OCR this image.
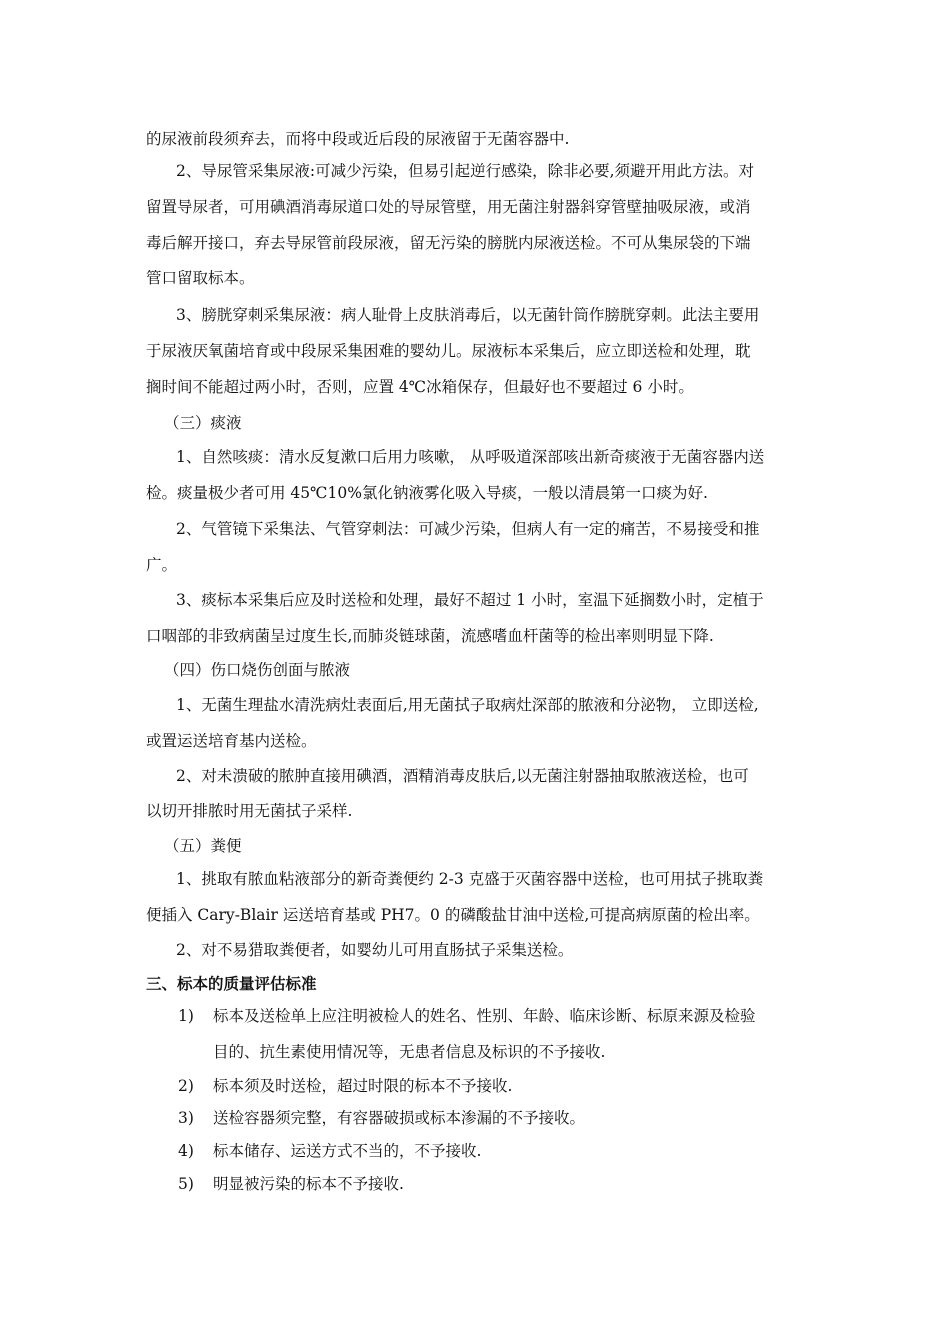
的尿液前段须弃去，而将中段或近后段的尿液留于无菌容器中.
2、导尿管采集尿液:可减少污染，但易引起逆行感染，除非必要,须避开用此方法。对
留置导尿者，可用碘酒消毒尿道口处的导尿管壁，用无菌注射器斜穿管壁抽吸尿液，或消
毒后解开接口，弃去导尿管前段尿液，留无污染的膀胱内尿液送检。不可从集尿袋的下端
管口留取标本。
3、膀胱穿刺采集尿液：病人耻骨上皮肤消毒后，以无菌针筒作膀胱穿刺。此法主要用
于尿液厌氧菌培育或中段尿采集困难的婴幼儿。尿液标本采集后，应立即送检和处理，耽
搁时间不能超过两小时，否则，应置 4℃冰箱保存，但最好也不要超过 6 小时。
（三）痰液
1、自然咳痰：清水反复漱口后用力咳嗽， 从呼吸道深部咳出新奇痰液于无菌容器内送
检。痰量极少者可用 45℃10%氯化钠液雾化吸入导痰，一般以清晨第一口痰为好.
2、气管镜下采集法、气管穿刺法：可减少污染，但病人有一定的痛苦，不易接受和推
广。
3、痰标本采集后应及时送检和处理，最好不超过 1 小时，室温下延搁数小时，定植于
口咽部的非致病菌呈过度生长,而肺炎链球菌，流感嗜血杆菌等的检出率则明显下降.
（四）伤口烧伤创面与脓液
1、无菌生理盐水清洗病灶表面后,用无菌拭子取病灶深部的脓液和分泌物， 立即送检,
或置运送培育基内送检。
2、对未溃破的脓肿直接用碘酒，酒精消毒皮肤后,以无菌注射器抽取脓液送检，也可
以切开排脓时用无菌拭子采样.
（五）粪便
1、挑取有脓血粘液部分的新奇粪便约 2-3 克盛于灭菌容器中送检，也可用拭子挑取粪
便插入 Cary-Blair 运送培育基或 PH7。0 的磷酸盐甘油中送检,可提高病原菌的检出率。
2、对不易猎取粪便者，如婴幼儿可用直肠拭子采集送检。
三、标本的质量评估标准
1) 标本及送检单上应注明被检人的姓名、性别、年龄、临床诊断、标原来源及检验
目的、抗生素使用情况等，无患者信息及标识的不予接收.
2) 标本须及时送检，超过时限的标本不予接收.
3) 送检容器须完整，有容器破损或标本渗漏的不予接收。
4) 标本储存、运送方式不当的，不予接收.
5) 明显被污染的标本不予接收.
